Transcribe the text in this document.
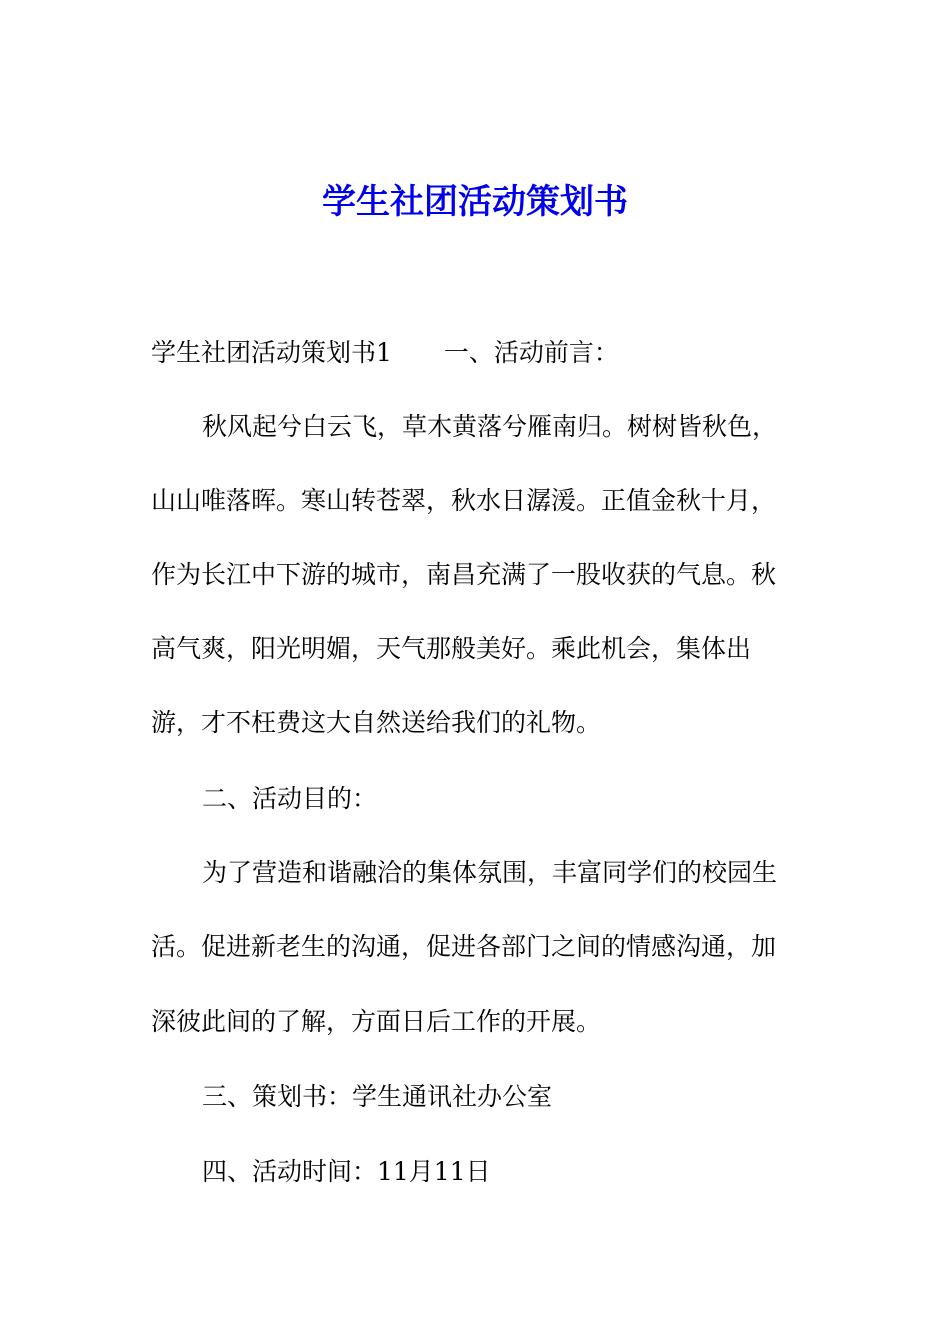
学生社团活动策划书

学生社团活动策划书1 一、活动前言：

秋风起兮白云飞，草木黄落兮雁南归。树树皆秋色，

山山唯落晖。寒山转苍翠，秋水日潺湲。正值金秋十月，

作为长江中下游的城市，南昌充满了一股收获的气息。秋

高气爽，阳光明媚，天气那般美好。乘此机会，集体出

游，才不枉费这大自然送给我们的礼物。

二、活动目的：

为了营造和谐融洽的集体氛围，丰富同学们的校园生

活。促进新老生的沟通，促进各部门之间的情感沟通，加

深彼此间的了解，方面日后工作的开展。

三、策划书：学生通讯社办公室

四、活动时间：11月11日
